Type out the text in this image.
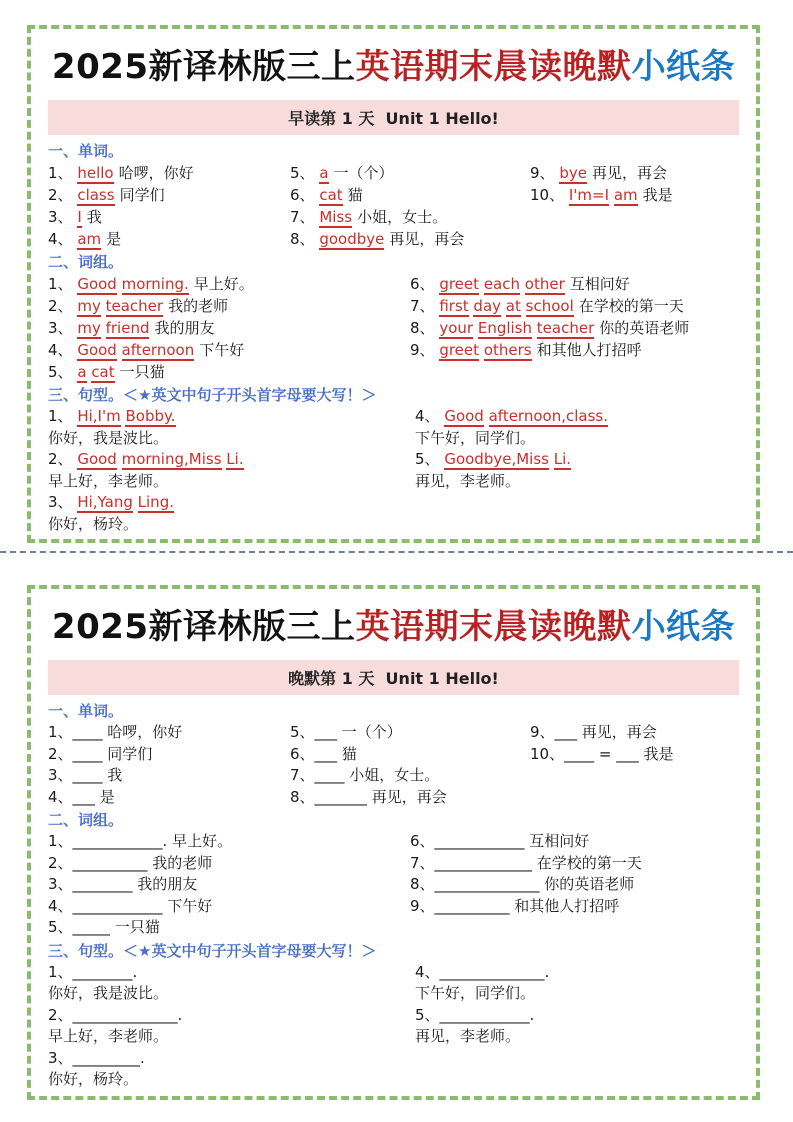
2025新译林版三上英语期末晨读晚默小纸条
早读第 1 天  Unit 1 Hello!
一、单词。
1、 hello 哈啰，你好
2、 class 同学们
3、 I 我
4、 am 是
5、 a 一（个）
6、 cat 猫
7、 Miss 小姐，女士。
8、 goodbye 再见，再会
9、 bye 再见，再会
10、 I'm=I am 我是
二、词组。
1、 Good morning. 早上好。
2、 my teacher 我的老师
3、 my friend 我的朋友
4、 Good afternoon 下午好
5、 a cat 一只猫
6、 greet each other 互相问好
7、 first day at school 在学校的第一天
8、 your English teacher 你的英语老师
9、 greet others 和其他人打招呼
三、句型。＜★英文中句子开头首字母要大写！＞
1、 Hi,I'm Bobby.
你好，我是波比。
2、 Good morning,Miss Li.
早上好，李老师。
3、 Hi,Yang Ling.
你好，杨玲。
4、 Good afternoon,class.
下午好，同学们。
5、 Goodbye,Miss Li.
再见，李老师。
2025新译林版三上英语期末晨读晚默小纸条
晚默第 1 天  Unit 1 Hello!
一、单词。
1、____ 哈啰，你好
2、____ 同学们
3、____ 我
4、___ 是
5、___ 一（个）
6、___ 猫
7、____ 小姐，女士。
8、_______ 再见，再会
9、___ 再见，再会
10、____ = ___ 我是
二、词组。
1、____________. 早上好。
2、__________ 我的老师
3、________ 我的朋友
4、____________ 下午好
5、_____ 一只猫
6、____________ 互相问好
7、_____________ 在学校的第一天
8、______________ 你的英语老师
9、__________ 和其他人打招呼
三、句型。＜★英文中句子开头首字母要大写！＞
1、________.
你好，我是波比。
2、______________.
早上好，李老师。
3、_________.
你好，杨玲。
4、______________.
下午好，同学们。
5、____________.
再见，李老师。
